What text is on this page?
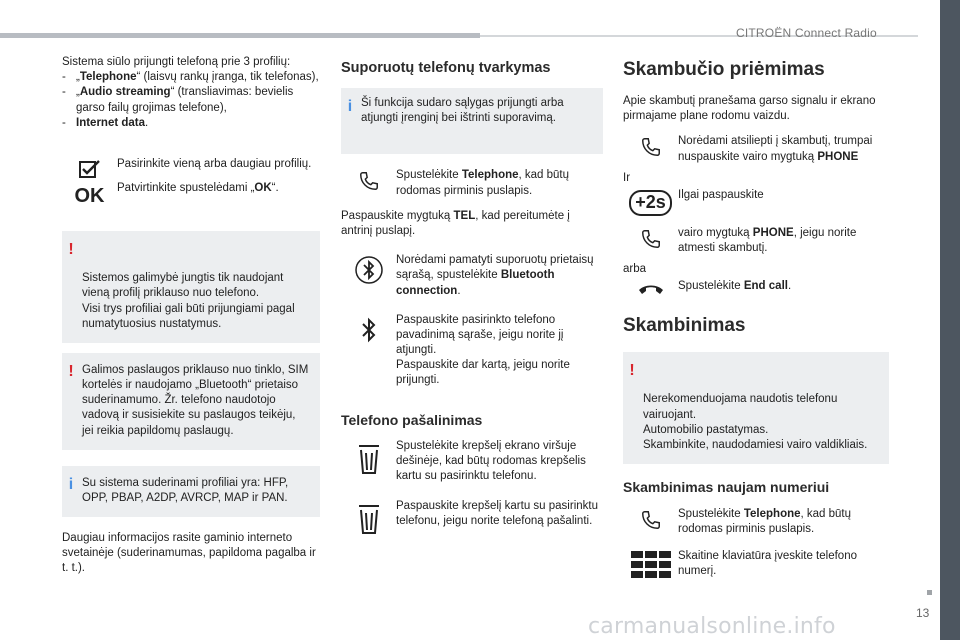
CITROËN Connect Radio
13
carmanualsonline.info

Sistema siūlo prijungti telefoną prie 3 profilių:

- „Telephone“ (laisvų rankų įranga, tik telefonas),
- „Audio streaming“ (transliavimas: bevielis garso failų grojimas telefone),
- Internet data.
Pasirinkite vieną arba daugiau profilių.
OK Patvirtinkite spustelėdami „OK“.

!

Sistemos galimybė jungtis tik naudojant vieną profilį priklauso nuo telefono.
Visi trys profiliai gali būti prijungiami pagal numatytuosius nustatymus.

! Galimos paslaugos priklauso nuo tinklo, SIM kortelės ir naudojamo „Bluetooth“ prietaiso suderinamumo. Žr. telefono naudotojo vadovą ir susisiekite su paslaugos teikėju, jei reikia papildomų paslaugų.
i Su sistema suderinami profiliai yra: HFP, OPP, PBAP, A2DP, AVRCP, MAP ir PAN.

Daugiau informacijos rasite gaminio interneto svetainėje (suderinamumas, papildoma pagalba ir t. t.).

Suporuotų telefonų tvarkymas
i Ši funkcija sudaro sąlygas prijungti arba atjungti įrenginį bei ištrinti suporavimą.
Spustelėkite Telephone, kad būtų rodomas pirminis puslapis.

Paspauskite mygtuką TEL, kad pereitumėte į antrinį puslapį.

Norėdami pamatyti suporuotų prietaisų sąrašą, spustelėkite Bluetooth connection.
Paspauskite pasirinkto telefono pavadinimą sąraše, jeigu norite jį atjungti.
Paspauskite dar kartą, jeigu norite prijungti.
Telefono pašalinimas
Spustelėkite krepšelį ekrano viršuje dešinėje, kad būtų rodomas krepšelis kartu su pasirinktu telefonu.
Paspauskite krepšelį kartu su pasirinktu telefonu, jeigu norite telefoną pašalinti.
Skambučio priėmimas

Apie skambutį pranešama garso signalu ir ekrano pirmajame plane rodomu vaizdu.

Norėdami atsiliepti į skambutį, trumpai nuspauskite vairo mygtuką PHONE

Ir

+2s	Ilgai paspauskite
vairo mygtuką PHONE, jeigu norite atmesti skambutį.

arba

Spustelėkite End call.
Skambinimas

!

Nerekomenduojama naudotis telefonu vairuojant.
Automobilio pastatymas.
Skambinkite, naudodamiesi vairo valdikliais.

Skambinimas naujam numeriui
Spustelėkite Telephone, kad būtų rodomas pirminis puslapis.
Skaitine klaviatūra įveskite telefono numerį.
